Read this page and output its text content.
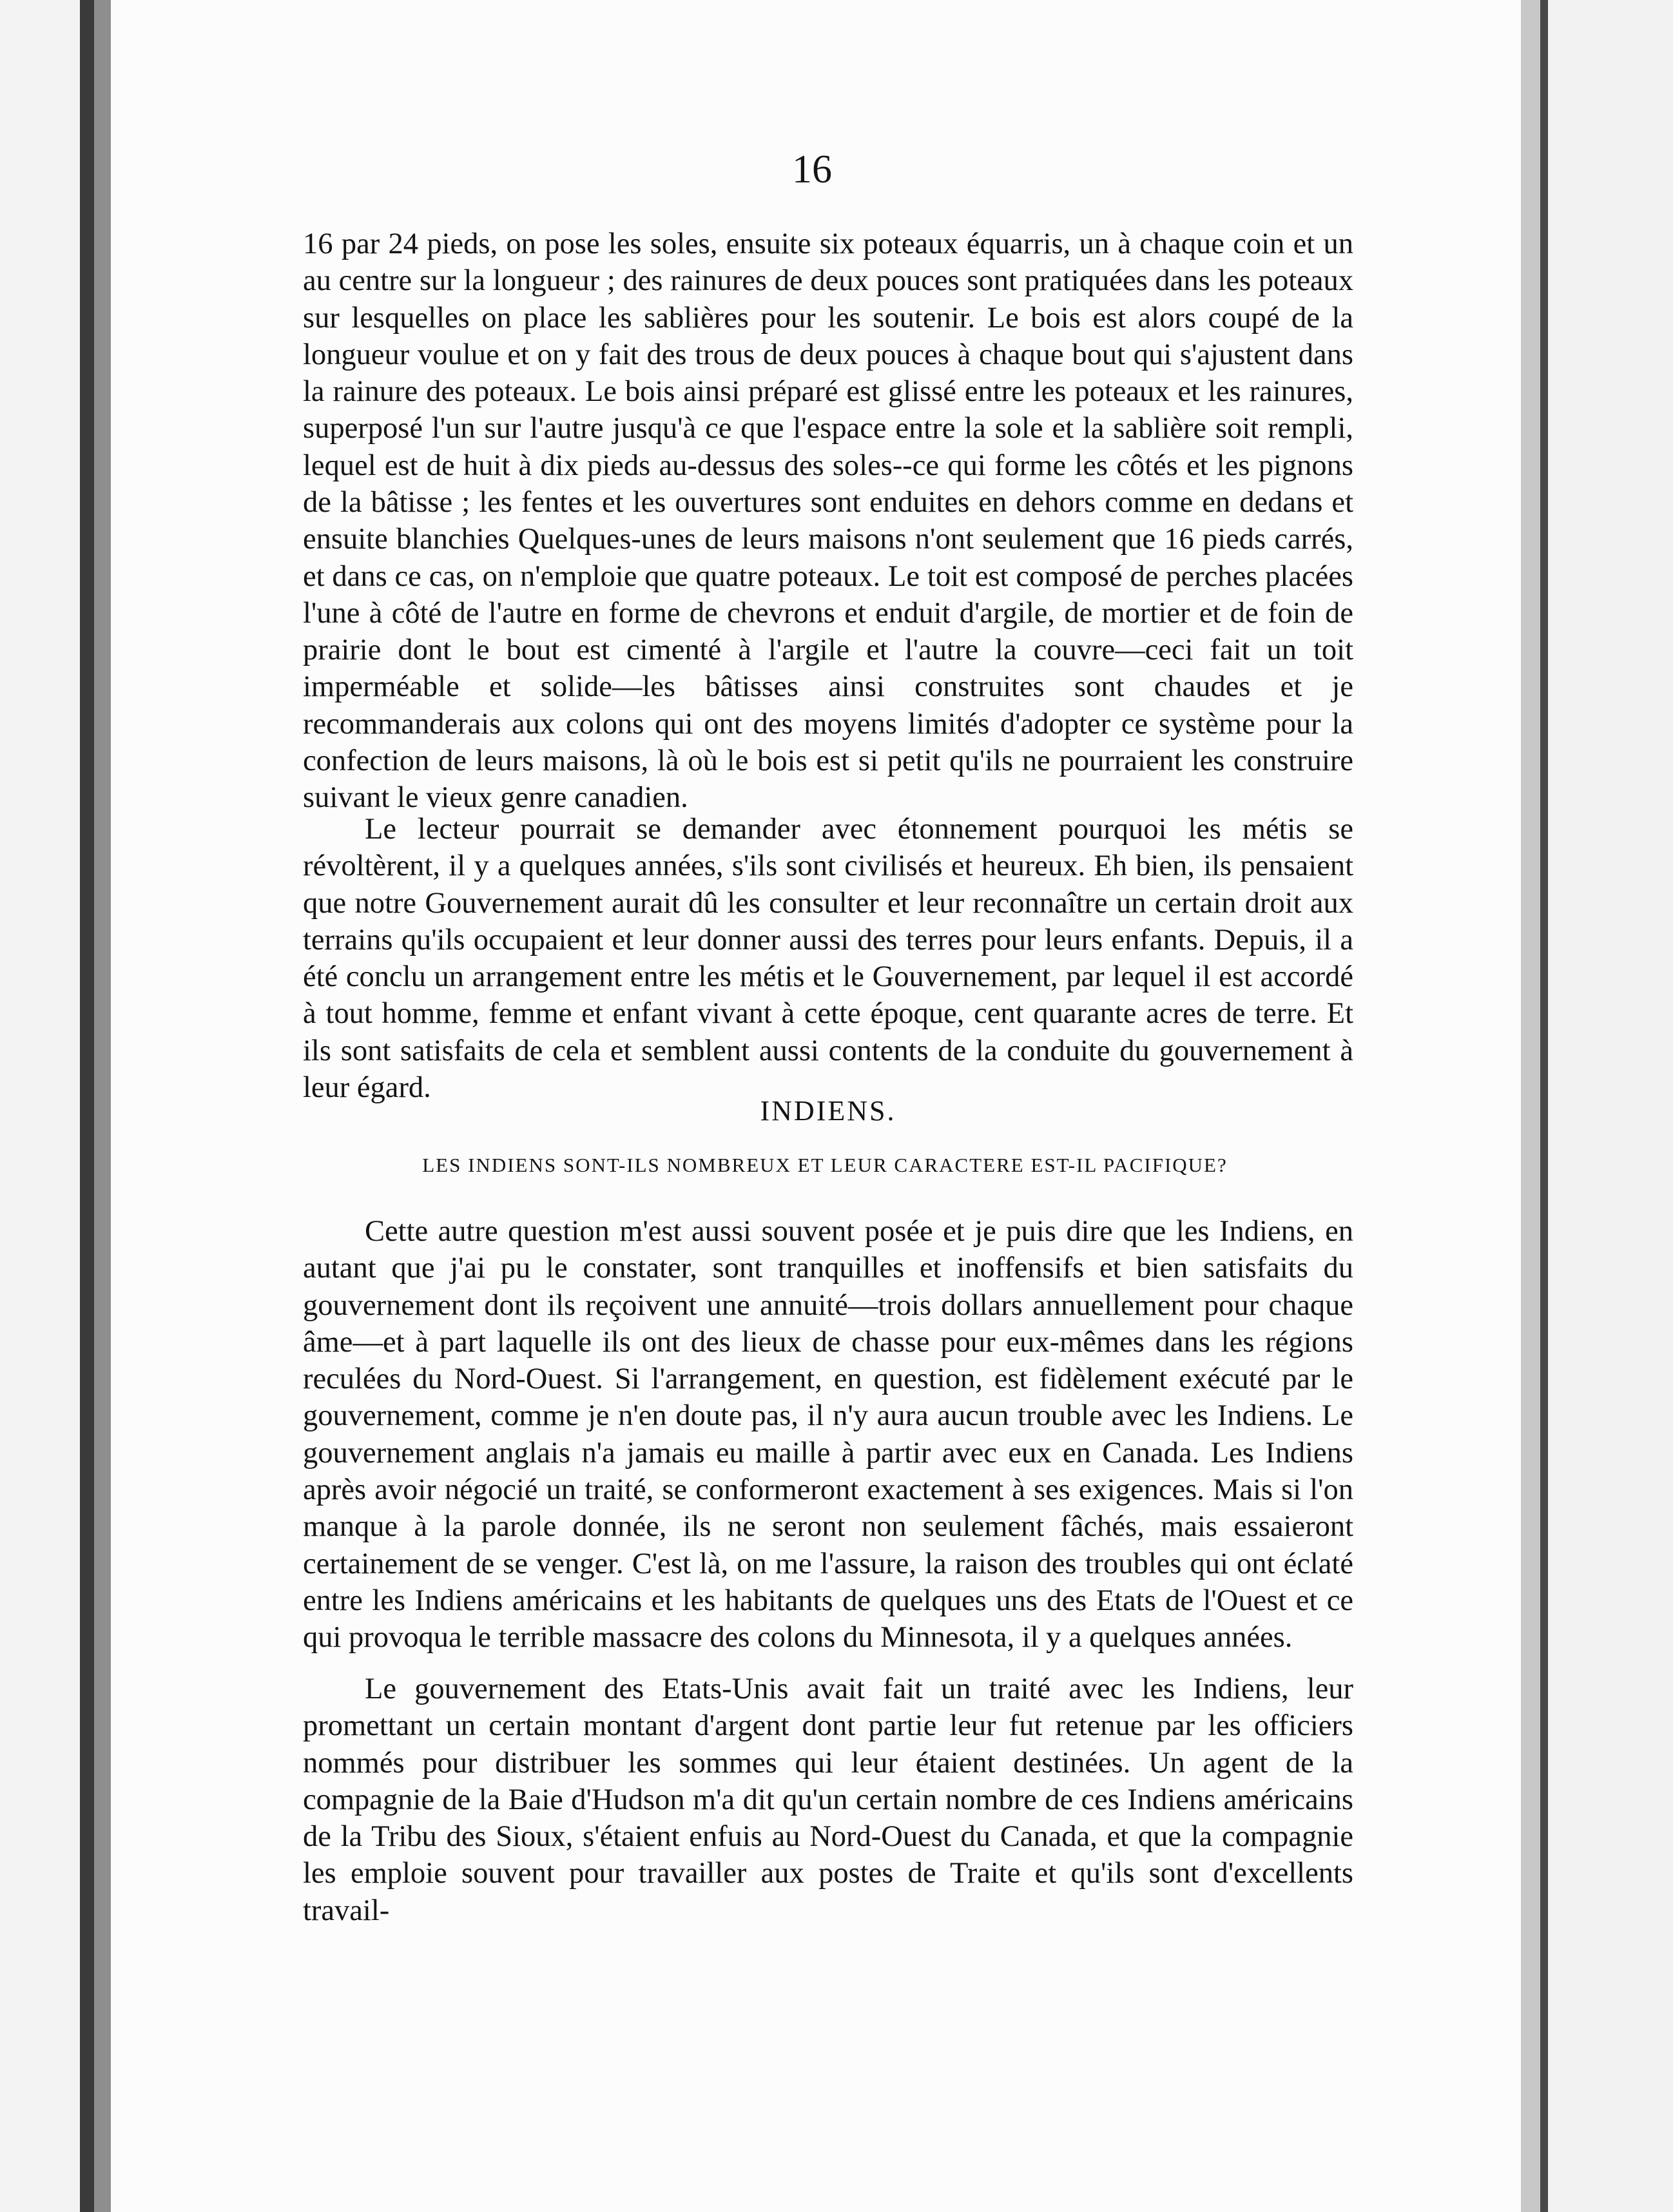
16

16 par 24 pieds, on pose les soles, ensuite six poteaux équarris, un à chaque coin et un au centre sur la longueur ; des rainures de deux pouces sont pratiquées dans les poteaux sur lesquelles on place les sablières pour les soutenir. Le bois est alors coupé de la longueur voulue et on y fait des trous de deux pouces à chaque bout qui s'ajustent dans la rainure des poteaux. Le bois ainsi préparé est glissé entre les poteaux et les rainures, superposé l'un sur l'autre jusqu'à ce que l'espace entre la sole et la sablière soit rempli, lequel est de huit à dix pieds au-dessus des soles--ce qui forme les côtés et les pignons de la bâtisse ; les fentes et les ouvertures sont enduites en dehors comme en dedans et ensuite blanchies Quelques-unes de leurs maisons n'ont seulement que 16 pieds carrés, et dans ce cas, on n'emploie que quatre poteaux. Le toit est composé de perches placées l'une à côté de l'autre en forme de chevrons et enduit d'argile, de mortier et de foin de prairie dont le bout est cimenté à l'argile et l'autre la couvre—ceci fait un toit imperméable et solide—les bâtisses ainsi construites sont chaudes et je recommanderais aux colons qui ont des moyens limités d'adopter ce système pour la confection de leurs maisons, là où le bois est si petit qu'ils ne pourraient les construire suivant le vieux genre canadien.

Le lecteur pourrait se demander avec étonnement pourquoi les métis se révoltèrent, il y a quelques années, s'ils sont civilisés et heureux. Eh bien, ils pensaient que notre Gouvernement aurait dû les consulter et leur reconnaître un certain droit aux terrains qu'ils occupaient et leur donner aussi des terres pour leurs enfants. Depuis, il a été conclu un arrangement entre les métis et le Gouvernement, par lequel il est accordé à tout homme, femme et enfant vivant à cette époque, cent quarante acres de terre. Et ils sont satisfaits de cela et semblent aussi contents de la conduite du gouvernement à leur égard.

INDIENS.
LES INDIENS SONT-ILS NOMBREUX ET LEUR CARACTERE EST-IL PACIFIQUE?

Cette autre question m'est aussi souvent posée et je puis dire que les Indiens, en autant que j'ai pu le constater, sont tranquilles et inoffensifs et bien satisfaits du gouvernement dont ils reçoivent une annuité—trois dollars annuellement pour chaque âme—et à part laquelle ils ont des lieux de chasse pour eux-mêmes dans les régions reculées du Nord-Ouest. Si l'arrangement, en question, est fidèlement exécuté par le gouvernement, comme je n'en doute pas, il n'y aura aucun trouble avec les Indiens. Le gouvernement anglais n'a jamais eu maille à partir avec eux en Canada. Les Indiens après avoir négocié un traité, se conformeront exactement à ses exigences. Mais si l'on manque à la parole donnée, ils ne seront non seulement fâchés, mais essaieront certainement de se venger. C'est là, on me l'assure, la raison des troubles qui ont éclaté entre les Indiens américains et les habitants de quelques uns des Etats de l'Ouest et ce qui provoqua le terrible massacre des colons du Minnesota, il y a quelques années.

Le gouvernement des Etats-Unis avait fait un traité avec les Indiens, leur promettant un certain montant d'argent dont partie leur fut retenue par les officiers nommés pour distribuer les sommes qui leur étaient destinées. Un agent de la compagnie de la Baie d'Hudson m'a dit qu'un certain nombre de ces Indiens américains de la Tribu des Sioux, s'étaient enfuis au Nord-Ouest du Canada, et que la compagnie les emploie souvent pour travailler aux postes de Traite et qu'ils sont d'excellents travail-
